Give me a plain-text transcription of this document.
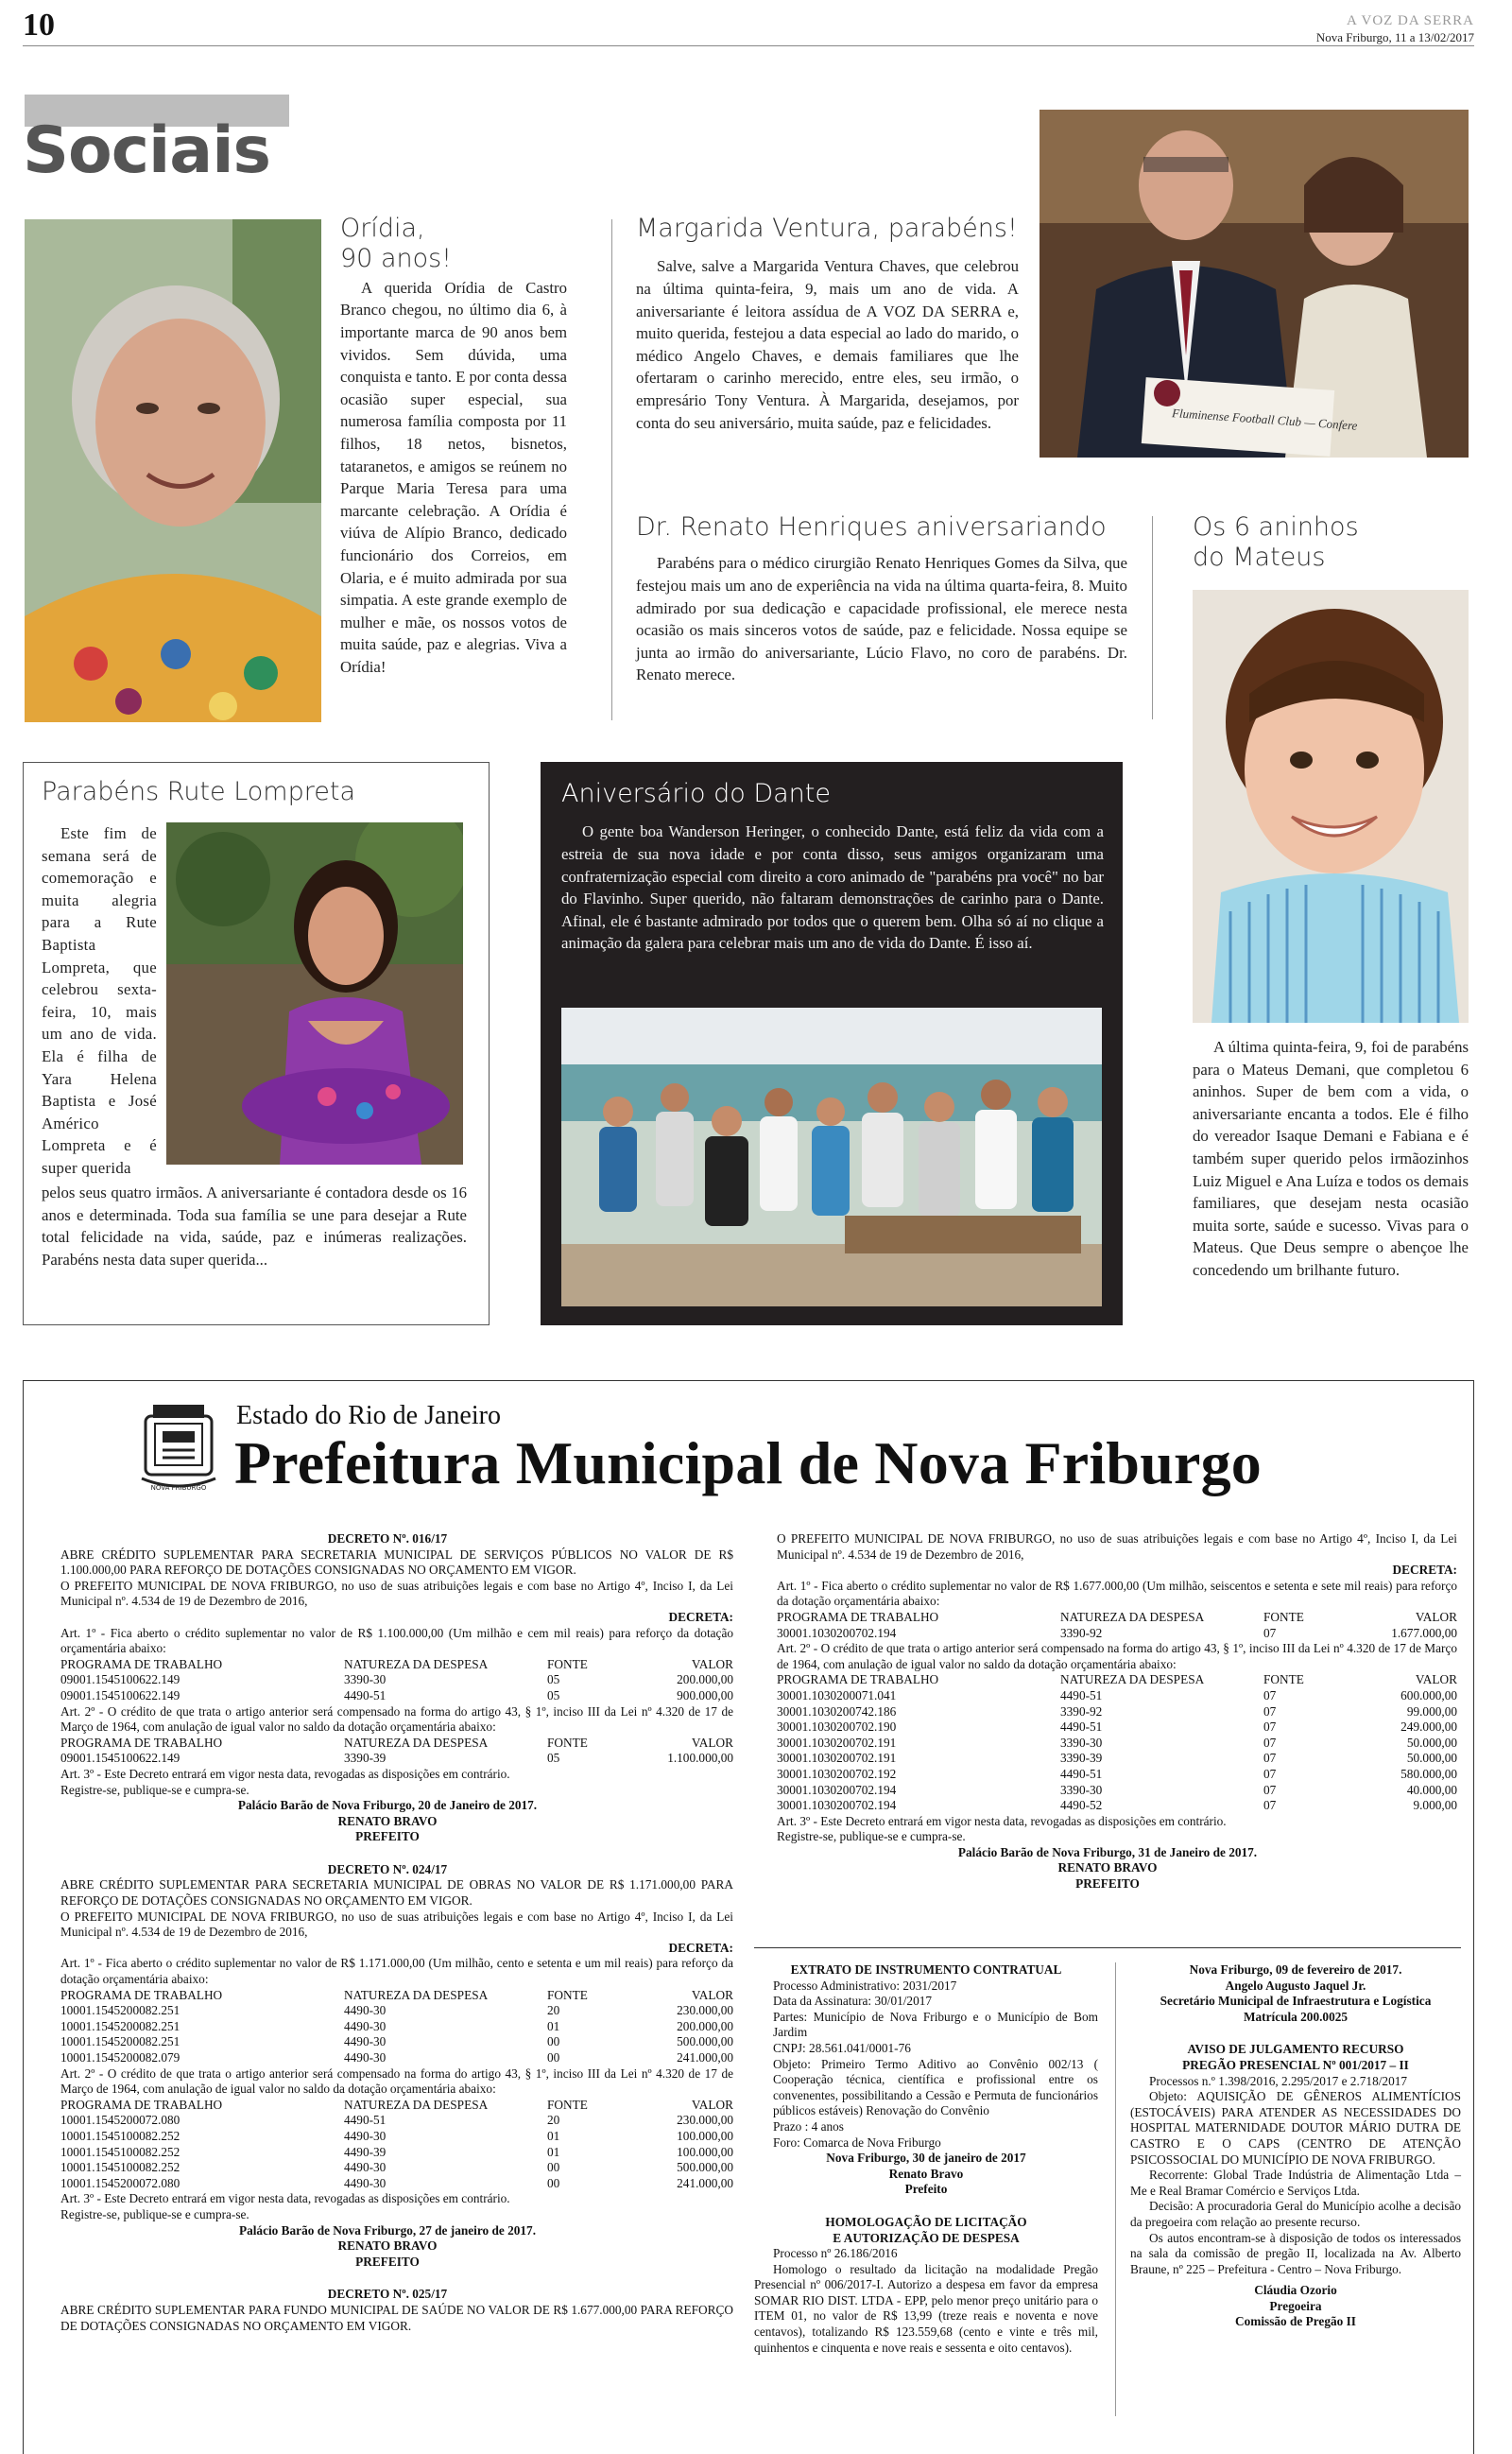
10	A VOZ DA SERRA
Nova Friburgo, 11 a 13/02/2017
Sociais
Orídia,
90 anos!

A querida Orídia de Castro Branco chegou, no último dia 6, à importante marca de 90 anos bem vividos. Sem dúvida, uma conquista e tanto. E por conta dessa ocasião super especial, sua numerosa família composta por 11 filhos, 18 netos, bisnetos, tataranetos, e amigos se reúnem no Parque Maria Teresa para uma marcante celebração. A Orídia é viúva de Alípio Branco, dedicado funcionário dos Correios, em Olaria, e é muito admirada por sua simpatia. A este grande exemplo de mulher e mãe, os nossos votos de muita saúde, paz e alegrias. Viva a Orídia!

Margarida Ventura, parabéns!

Salve, salve a Margarida Ventura Chaves, que celebrou na última quinta-feira, 9, mais um ano de vida. A aniversariante é leitora assídua de A VOZ DA SERRA e, muito querida, festejou a data especial ao lado do marido, o médico Angelo Chaves, e demais familiares que lhe ofertaram o carinho merecido, entre eles, seu irmão, o empresário Tony Ventura. À Margarida, desejamos, por conta do seu aniversário, muita saúde, paz e felicidades.	Fluminense Football Club — Confere
Dr. Renato Henriques aniversariando

Parabéns para o médico cirurgião Renato Henriques Gomes da Silva, que festejou mais um ano de experiência na vida na última quarta-feira, 8. Muito admirado por sua dedicação e capacidade profissional, ele merece nesta ocasião os mais sinceros votos de saúde, paz e felicidade. Nossa equipe se junta ao irmão do aniversariante, Lúcio Flavo, no coro de parabéns. Dr. Renato merece.

Os 6 aninhos
do Mateus

A última quinta-feira, 9, foi de parabéns para o Mateus Demani, que completou 6 aninhos. Super de bem com a vida, o aniversariante encanta a todos. Ele é filho do vereador Isaque Demani e Fabiana e é também super querido pelos irmãozinhos Luiz Miguel e Ana Luíza e todos os demais familiares, que desejam nesta ocasião muita sorte, saúde e sucesso. Vivas para o Mateus. Que Deus sempre o abençoe lhe concedendo um brilhante futuro.

Parabéns Rute Lompreta

Este fim de semana será de comemoração e muita alegria para a Rute Baptista Lompreta, que celebrou sexta-feira, 10, mais um ano de vida. Ela é filha de Yara Helena Baptista e José Américo Lompreta e é super querida

pelos seus quatro irmãos. A aniversariante é contadora desde os 16 anos e determinada. Toda sua família se une para desejar a Rute total felicidade na vida, saúde, paz e inúmeras realizações. Parabéns nesta data super querida...

Aniversário do Dante

O gente boa Wanderson Heringer, o conhecido Dante, está feliz da vida com a estreia de sua nova idade e por conta disso, seus amigos organizaram uma confraternização especial com direito a coro animado de "parabéns pra você" no bar do Flavinho. Super querido, não faltaram demonstrações de carinho para o Dante. Afinal, ele é bastante admirado por todos que o querem bem. Olha só aí no clique a animação da galera para celebrar mais um ano de vida do Dante. É isso aí.

NOVA FRIBURGO
Estado do Rio de Janeiro
Prefeitura Municipal de Nova Friburgo

DECRETO Nº. 016/17

ABRE CRÉDITO SUPLEMENTAR PARA SECRETARIA MUNICIPAL DE SERVIÇOS PÚBLICOS NO VALOR DE R$ 1.100.000,00 PARA REFORÇO DE DOTAÇÕES CONSIGNADAS NO ORÇAMENTO EM VIGOR.

O PREFEITO MUNICIPAL DE NOVA FRIBURGO, no uso de suas atribuições legais e com base no Artigo 4º, Inciso I, da Lei Municipal nº. 4.534 de 19 de Dezembro de 2016,

DECRETA:

Art. 1º - Fica aberto o crédito suplementar no valor de R$ 1.100.000,00 (Um milhão e cem mil reais) para reforço da dotação orçamentária abaixo:

PROGRAMA DE TRABALHO	NATUREZA DA DESPESA	FONTE	VALOR
09001.1545100622.149	3390-30	05	200.000,00
09001.1545100622.149	4490-51	05	900.000,00

Art. 2º - O crédito de que trata o artigo anterior será compensado na forma do artigo 43, § 1º, inciso III da Lei nº 4.320 de 17 de Março de 1964, com anulação de igual valor no saldo da dotação orçamentária abaixo:

PROGRAMA DE TRABALHO	NATUREZA DA DESPESA	FONTE	VALOR
09001.1545100622.149	3390-39	05	1.100.000,00

Art. 3º - Este Decreto entrará em vigor nesta data, revogadas as disposições em contrário.

Registre-se, publique-se e cumpra-se.

Palácio Barão de Nova Friburgo, 20 de Janeiro de 2017.

RENATO BRAVO

PREFEITO

DECRETO Nº. 024/17

ABRE CRÉDITO SUPLEMENTAR PARA SECRETARIA MUNICIPAL DE OBRAS NO VALOR DE R$ 1.171.000,00 PARA REFORÇO DE DOTAÇÕES CONSIGNADAS NO ORÇAMENTO EM VIGOR.

O PREFEITO MUNICIPAL DE NOVA FRIBURGO, no uso de suas atribuições legais e com base no Artigo 4º, Inciso I, da Lei Municipal nº. 4.534 de 19 de Dezembro de 2016,

DECRETA:

Art. 1º - Fica aberto o crédito suplementar no valor de R$ 1.171.000,00 (Um milhão, cento e setenta e um mil reais) para reforço da dotação orçamentária abaixo:

PROGRAMA DE TRABALHO	NATUREZA DA DESPESA	FONTE	VALOR
10001.1545200082.251	4490-30	20	230.000,00
10001.1545200082.251	4490-30	01	200.000,00
10001.1545200082.251	4490-30	00	500.000,00
10001.1545200082.079	4490-30	00	241.000,00

Art. 2º - O crédito de que trata o artigo anterior será compensado na forma do artigo 43, § 1º, inciso III da Lei nº 4.320 de 17 de Março de 1964, com anulação de igual valor no saldo da dotação orçamentária abaixo:

PROGRAMA DE TRABALHO	NATUREZA DA DESPESA	FONTE	VALOR
10001.1545200072.080	4490-51	20	230.000,00
10001.1545100082.252	4490-30	01	100.000,00
10001.1545100082.252	4490-39	01	100.000,00
10001.1545100082.252	4490-30	00	500.000,00
10001.1545200072.080	4490-30	00	241.000,00

Art. 3º - Este Decreto entrará em vigor nesta data, revogadas as disposições em contrário.

Registre-se, publique-se e cumpra-se.

Palácio Barão de Nova Friburgo, 27 de janeiro de 2017.

RENATO BRAVO

PREFEITO

DECRETO Nº. 025/17

ABRE CRÉDITO SUPLEMENTAR PARA FUNDO MUNICIPAL DE SAÚDE NO VALOR DE R$ 1.677.000,00 PARA REFORÇO DE DOTAÇÕES CONSIGNADAS NO ORÇAMENTO EM VIGOR.

O PREFEITO MUNICIPAL DE NOVA FRIBURGO, no uso de suas atribuições legais e com base no Artigo 4º, Inciso I, da Lei Municipal nº. 4.534 de 19 de Dezembro de 2016,

DECRETA:

Art. 1º - Fica aberto o crédito suplementar no valor de R$ 1.677.000,00 (Um milhão, seiscentos e setenta e sete mil reais) para reforço da dotação orçamentária abaixo:

PROGRAMA DE TRABALHO	NATUREZA DA DESPESA	FONTE	VALOR
30001.1030200702.194	3390-92	07	1.677.000,00

Art. 2º - O crédito de que trata o artigo anterior será compensado na forma do artigo 43, § 1º, inciso III da Lei nº 4.320 de 17 de Março de 1964, com anulação de igual valor no saldo da dotação orçamentária abaixo:

PROGRAMA DE TRABALHO	NATUREZA DA DESPESA	FONTE	VALOR
30001.1030200071.041	4490-51	07	600.000,00
30001.1030200742.186	3390-92	07	99.000,00
30001.1030200702.190	4490-51	07	249.000,00
30001.1030200702.191	3390-30	07	50.000,00
30001.1030200702.191	3390-39	07	50.000,00
30001.1030200702.192	4490-51	07	580.000,00
30001.1030200702.194	3390-30	07	40.000,00
30001.1030200702.194	4490-52	07	9.000,00

Art. 3º - Este Decreto entrará em vigor nesta data, revogadas as disposições em contrário.

Registre-se, publique-se e cumpra-se.

Palácio Barão de Nova Friburgo, 31 de Janeiro de 2017.

RENATO BRAVO

PREFEITO

EXTRATO DE INSTRUMENTO CONTRATUAL

Processo Administrativo: 2031/2017

Data da Assinatura: 30/01/2017

Partes: Município de Nova Friburgo e o Município de Bom Jardim

CNPJ: 28.561.041/0001-76

Objeto: Primeiro Termo Aditivo ao Convênio 002/13 ( Cooperação técnica, científica e profissional entre os convenentes, possibilitando a Cessão e Permuta de funcionários públicos estáveis) Renovação do Convênio

Prazo : 4 anos

Foro: Comarca de Nova Friburgo

Nova Friburgo, 30 de janeiro de 2017

Renato Bravo

Prefeito

HOMOLOGAÇÃO DE LICITAÇÃO

E AUTORIZAÇÃO DE DESPESA

Processo nº 26.186/2016

Homologo o resultado da licitação na modalidade Pregão Presencial nº 006/2017-I. Autorizo a despesa em favor da empresa SOMAR RIO DIST. LTDA - EPP, pelo menor preço unitário para o ITEM 01, no valor de R$ 13,99 (treze reais e noventa e nove centavos), totalizando R$ 123.559,68 (cento e vinte e três mil, quinhentos e cinquenta e nove reais e sessenta e oito centavos).

Nova Friburgo, 09 de fevereiro de 2017.

Angelo Augusto Jaquel Jr.

Secretário Municipal de Infraestrutura e Logística

Matrícula 200.0025

AVISO DE JULGAMENTO RECURSO

PREGÃO PRESENCIAL Nº 001/2017 – II

Processos n.º 1.398/2016, 2.295/2017 e 2.718/2017

Objeto: AQUISIÇÃO DE GÊNEROS ALIMENTÍCIOS (ESTOCÁVEIS) PARA ATENDER AS NECESSIDADES DO HOSPITAL MATERNIDADE DOUTOR MÁRIO DUTRA DE CASTRO E O CAPS (CENTRO DE ATENÇÃO PSICOSSOCIAL DO MUNICÍPIO DE NOVA FRIBURGO.

Recorrente: Global Trade Indústria de Alimentação Ltda – Me e Real Bramar Comércio e Serviços Ltda.

Decisão: A procuradoria Geral do Município acolhe a decisão da pregoeira com relação ao presente recurso.

Os autos encontram-se à disposição de todos os interessados na sala da comissão de pregão II, localizada na Av. Alberto Braune, nº 225 – Prefeitura - Centro – Nova Friburgo.

Cláudia Ozorio

Pregoeira

Comissão de Pregão II
